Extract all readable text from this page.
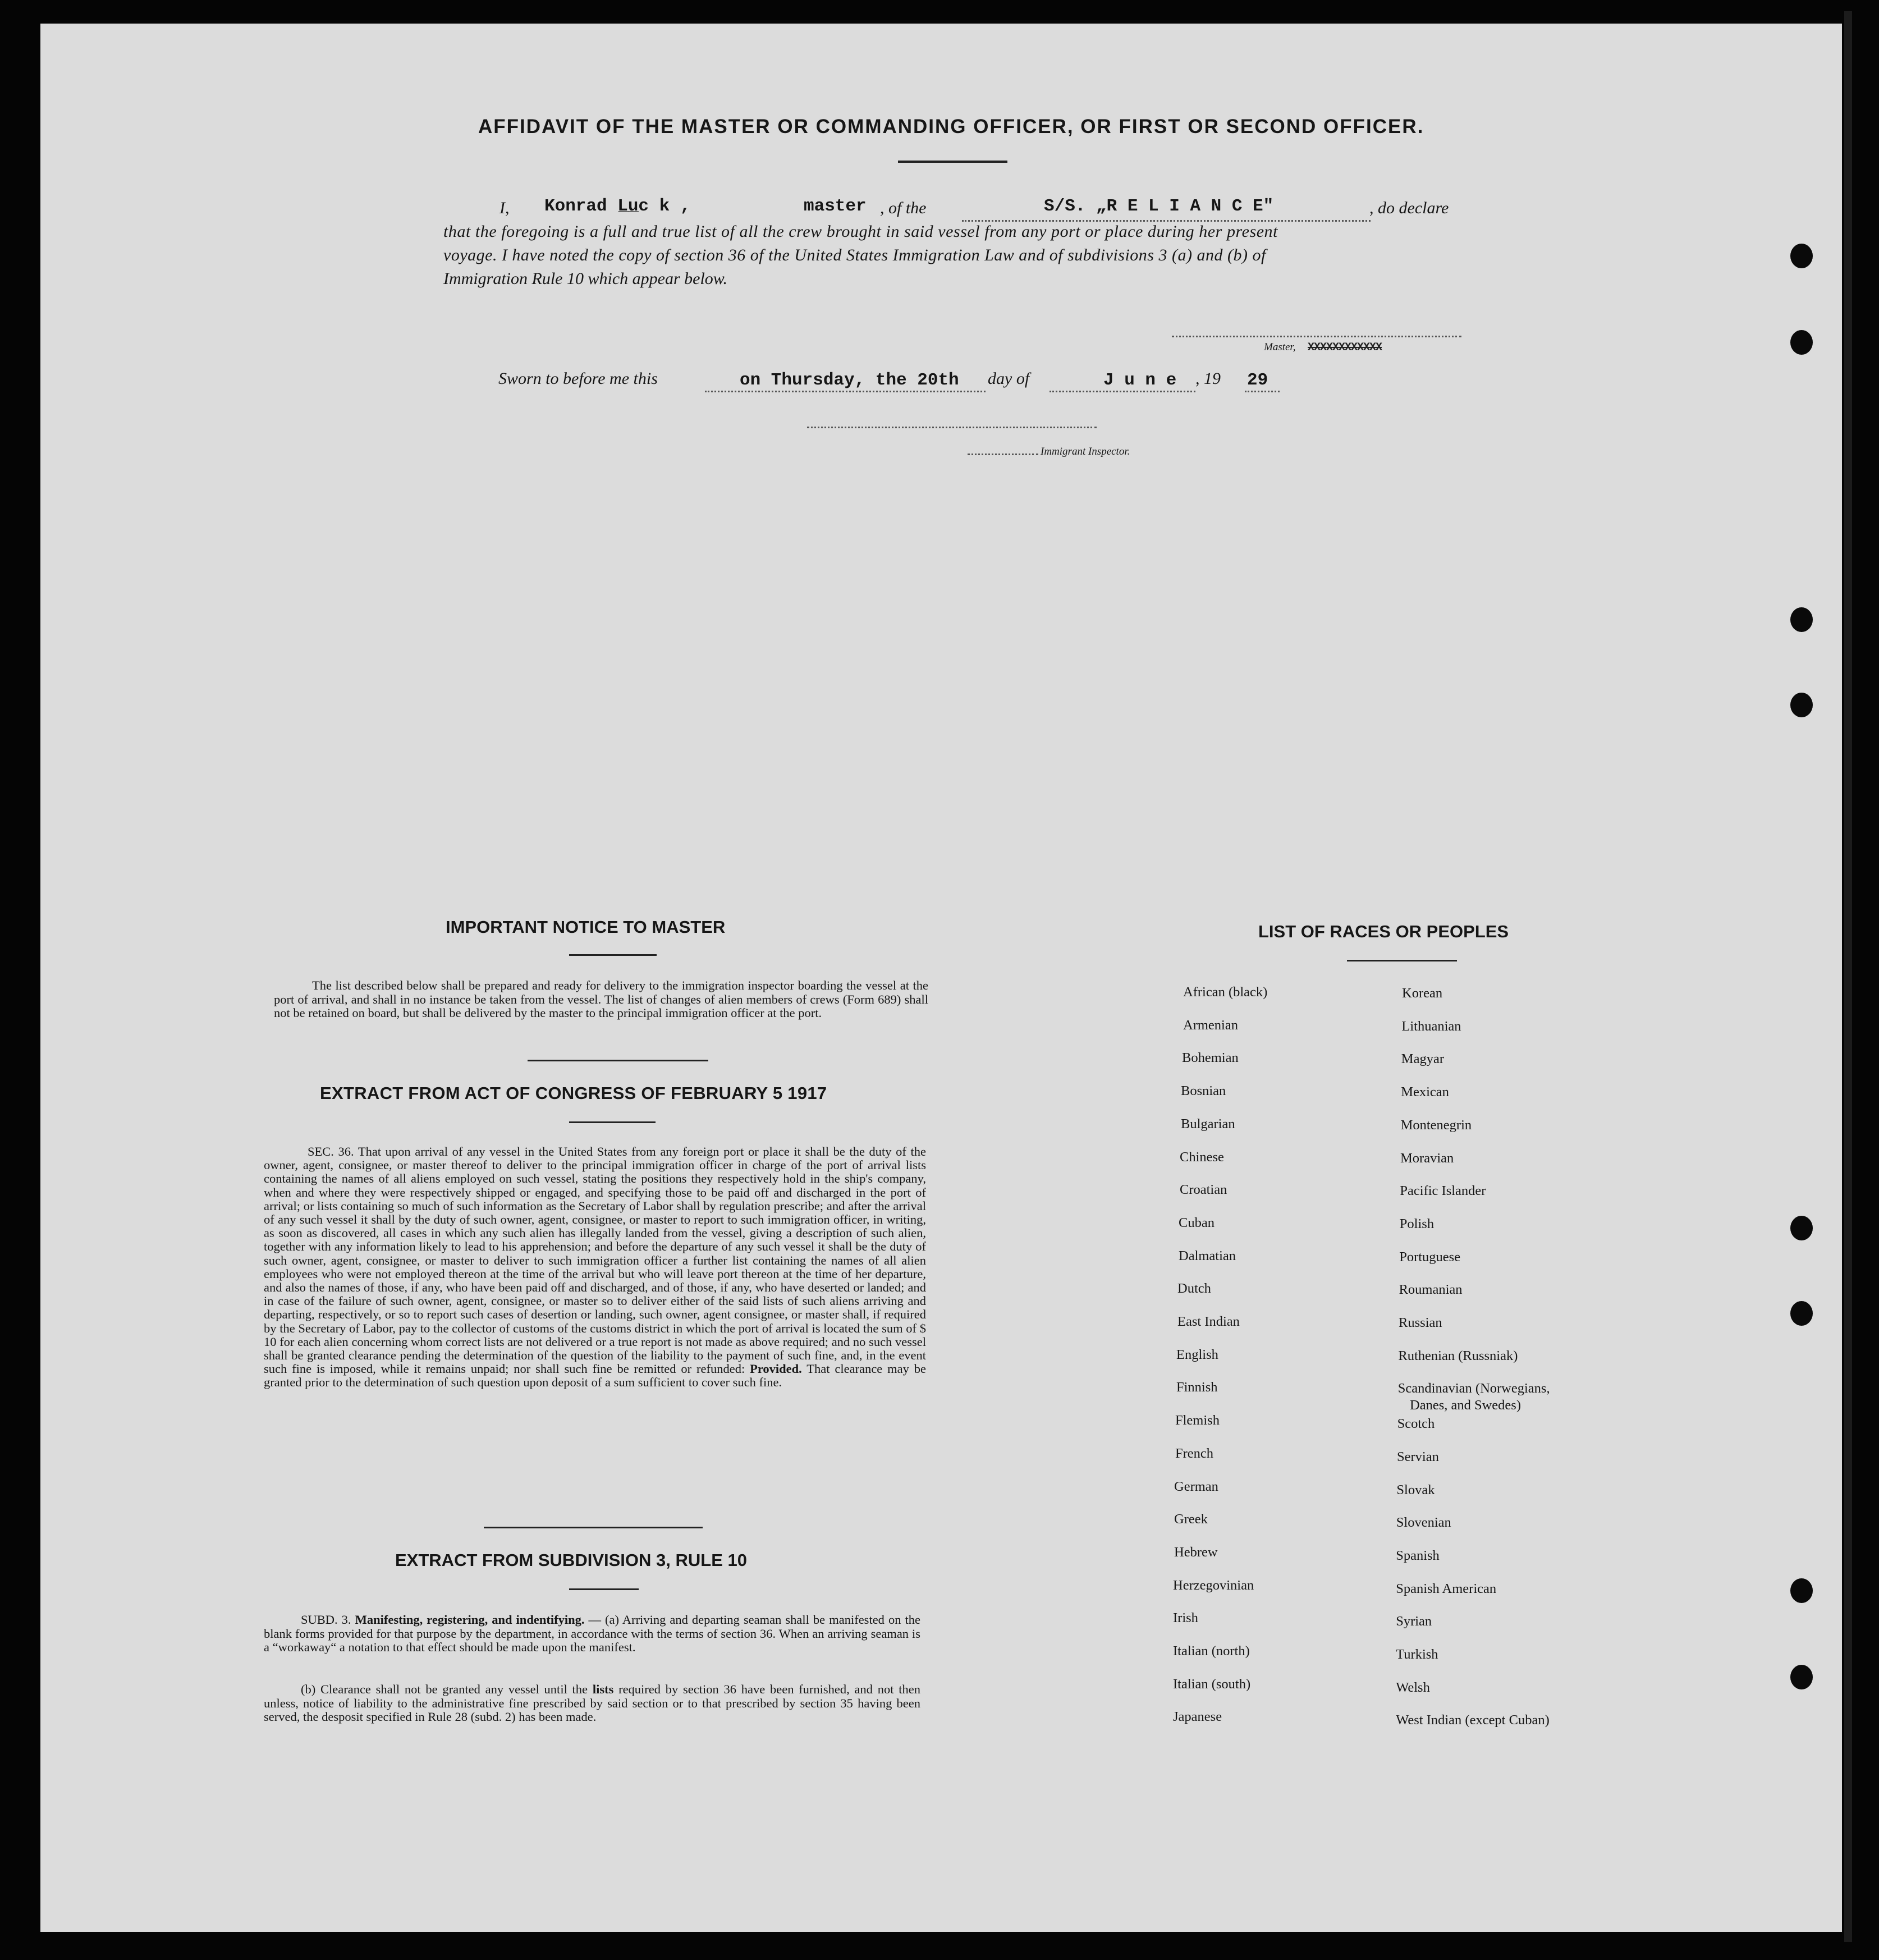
AFFIDAVIT OF THE MASTER OR COMMANDING OFFICER, OR FIRST OR SECOND OFFICER.
I, Konrad L̲u̲c k ,	master , of the	S/S. „R E L I A N C E"	, do declare
that the foregoing is a full and true list of all the crew brought in said vessel from any port or place during her present
voyage. I have noted the copy of section 36 of the United States Immigration Law and of subdivisions 3 (a) and (b) of
Immigration Rule 10 which appear below.
Master, XXXXXXXXXXXX
Sworn to before me this	on Thursday, the 20th day of	J u n e , 19 29
Immigrant Inspector.
IMPORTANT NOTICE TO MASTER
The list described below shall be prepared and ready for delivery to the immigration inspector boarding the vessel at the port of arrival, and shall in no instance be taken from the vessel. The list of changes of alien members of crews (Form 689) shall not be retained on board, but shall be delivered by the master to the principal immigration officer at the port.
EXTRACT FROM ACT OF CONGRESS OF FEBRUARY 5 1917
SEC. 36. That upon arrival of any vessel in the United States from any foreign port or place it shall be the duty of the owner, agent, consignee, or master thereof to deliver to the principal immigration officer in charge of the port of arrival lists containing the names of all aliens employed on such vessel, stating the positions they respectively hold in the ship's company, when and where they were respectively shipped or engaged, and specifying those to be paid off and discharged in the port of arrival; or lists containing so much of such information as the Secretary of Labor shall by regulation prescribe; and after the arrival of any such vessel it shall by the duty of such owner, agent, consignee, or master to report to such immigration officer, in writing, as soon as discovered, all cases in which any such alien has illegally landed from the vessel, giving a description of such alien, together with any information likely to lead to his apprehension; and before the departure of any such vessel it shall be the duty of such owner, agent, consignee, or master to deliver to such immigration officer a further list containing the names of all alien employees who were not employed thereon at the time of the arrival but who will leave port thereon at the time of her departure, and also the names of those, if any, who have been paid off and discharged, and of those, if any, who have deserted or landed; and in case of the failure of such owner, agent, consignee, or master so to deliver either of the said lists of such aliens arriving and departing, respectively, or so to report such cases of desertion or landing, such owner, agent consignee, or master shall, if required by the Secretary of Labor, pay to the collector of customs of the customs district in which the port of arrival is located the sum of $ 10 for each alien concerning whom correct lists are not delivered or a true report is not made as above required; and no such vessel shall be granted clearance pending the determination of the question of the liability to the payment of such fine, and, in the event such fine is imposed, while it remains unpaid; nor shall such fine be remitted or refunded: Provided. That clearance may be granted prior to the determination of such question upon deposit of a sum sufficient to cover such fine.
EXTRACT FROM SUBDIVISION 3, RULE 10
SUBD. 3. Manifesting, registering, and indentifying. — (a) Arriving and departing seaman shall be manifested on the blank forms provided for that purpose by the department, in accordance with the terms of section 36. When an arriving seaman is a “workaway“ a notation to that effect should be made upon the manifest.
(b) Clearance shall not be granted any vessel until the lists required by section 36 have been furnished, and not then unless, notice of liability to the administrative fine prescribed by said section or to that prescribed by section 35 having been served, the desposit specified in Rule 28 (subd. 2) has been made.
LIST OF RACES OR PEOPLES
African (black)
Armenian
Bohemian
Bosnian
Bulgarian
Chinese
Croatian
Cuban
Dalmatian
Dutch
East Indian
English
Finnish
Flemish
French
German
Greek
Hebrew
Herzegovinian
Irish
Italian (north)
Italian (south)
Japanese
Korean
Lithuanian
Magyar
Mexican
Montenegrin
Moravian
Pacific Islander
Polish
Portuguese
Roumanian
Russian
Ruthenian (Russniak)
Scandinavian (Norwegians,
Danes, and Swedes)
Scotch
Servian
Slovak
Slovenian
Spanish
Spanish American
Syrian
Turkish
Welsh
West Indian (except Cuban)
